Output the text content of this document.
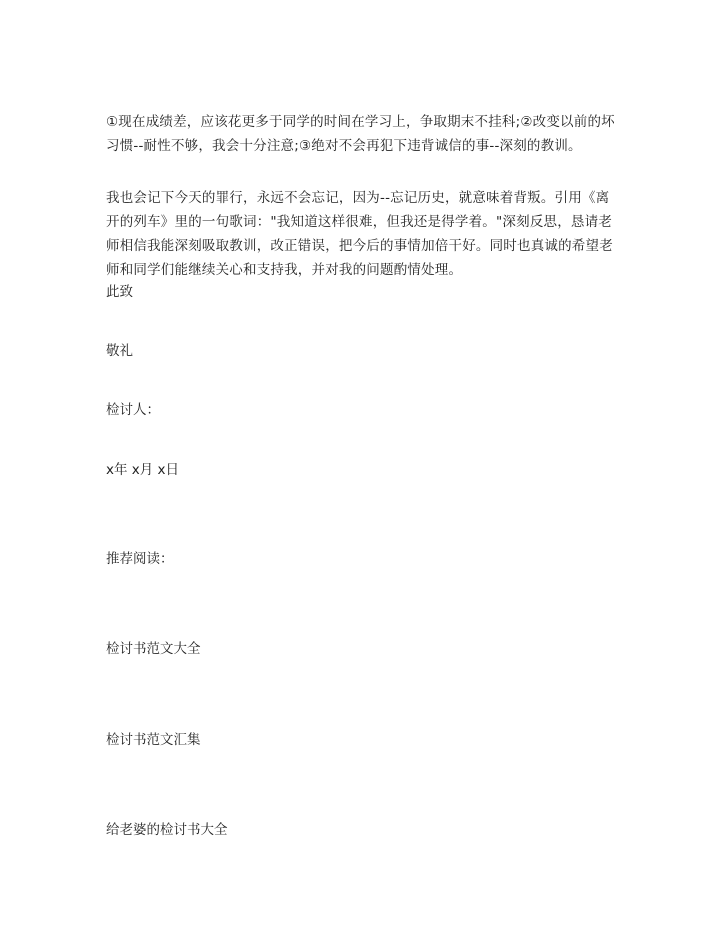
①现在成绩差，应该花更多于同学的时间在学习上，争取期末不挂科;②改变以前的坏习惯--耐性不够，我会十分注意;③绝对不会再犯下违背诚信的事--深刻的教训。

我也会记下今天的罪行，永远不会忘记，因为--忘记历史，就意味着背叛。引用《离开的列车》里的一句歌词："我知道这样很难，但我还是得学着。"深刻反思，恳请老师相信我能深刻吸取教训，改正错误，把今后的事情加倍干好。同时也真诚的希望老师和同学们能继续关心和支持我，并对我的问题酌情处理。

此致

敬礼

检讨人：

x年 x月 x日

推荐阅读：

检讨书范文大全

检讨书范文汇集

给老婆的检讨书大全
